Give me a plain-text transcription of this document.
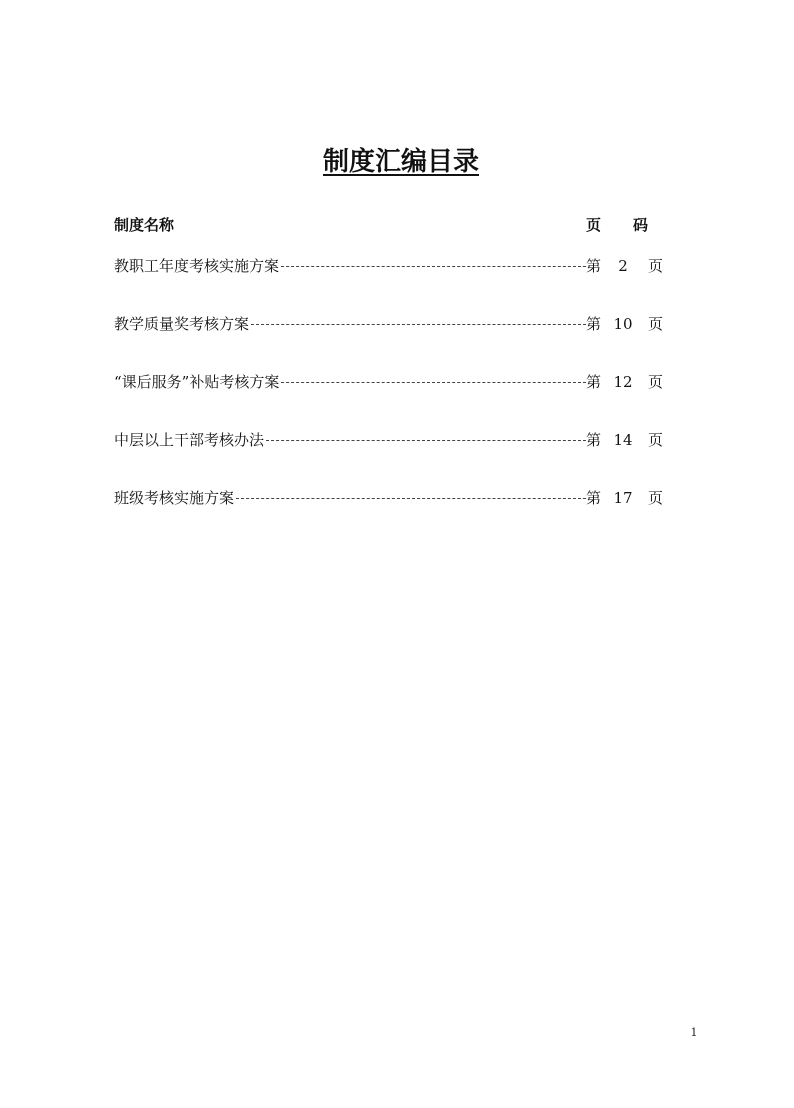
制度汇编目录
制度名称	页 码
教职工年度考核实施方案	第	2	页
教学质量奖考核方案	第 10 页
“课后服务”补贴考核方案	第 12 页
中层以上干部考核办法	第 14 页
班级考核实施方案	第 17 页
1
